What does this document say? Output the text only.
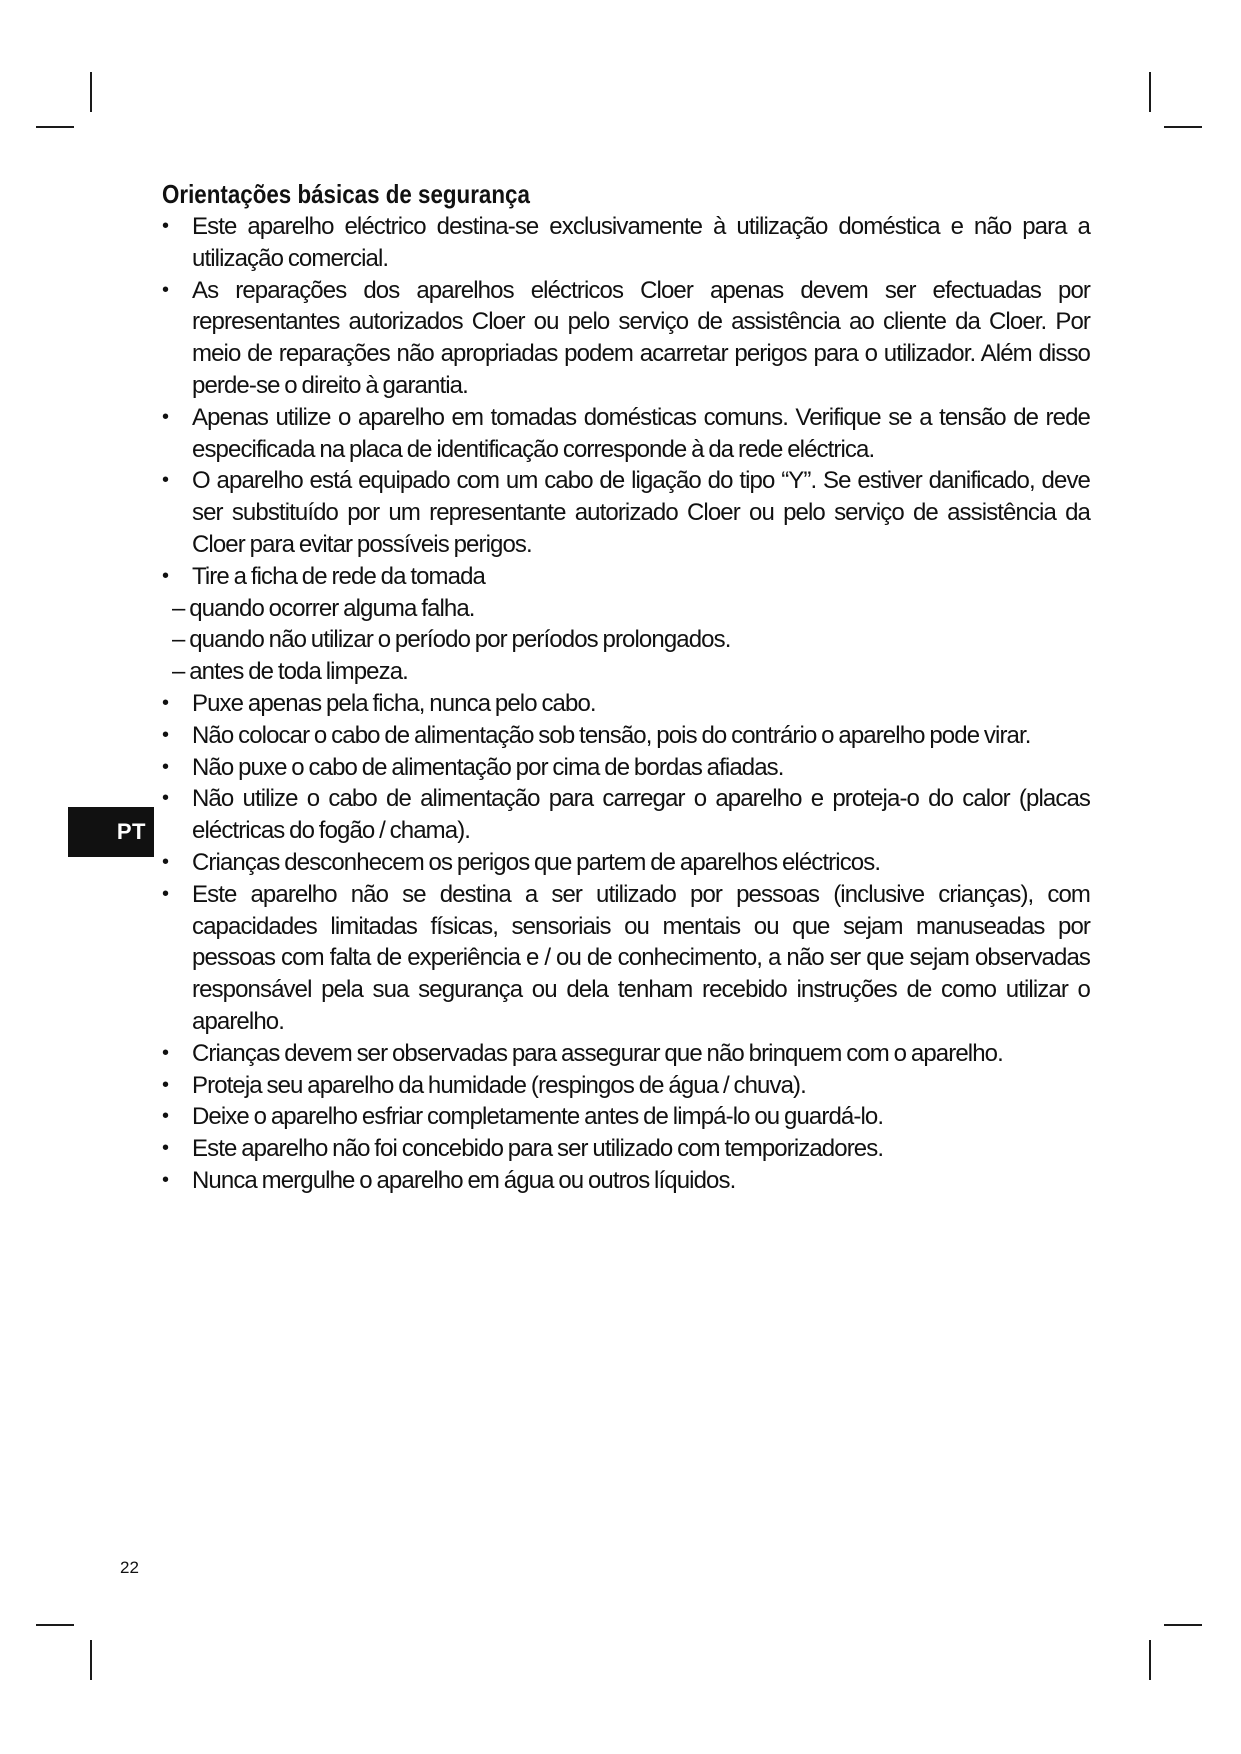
Orientações básicas de segurança
• Este aparelho eléctrico destina-se exclusivamente à utilização doméstica e não para a utilização comercial.
• As reparações dos aparelhos eléctricos Cloer apenas devem ser efectuadas por representantes autorizados Cloer ou pelo serviço de assistência ao cliente da Cloer. Por meio de reparações não apropriadas podem acarretar perigos para o utilizador. Além disso perde-se o direito à garantia.
• Apenas utilize o aparelho em tomadas domésticas comuns. Verifique se a tensão de rede especificada na placa de identificação corresponde à da rede eléctrica.
• O aparelho está equipado com um cabo de ligação do tipo “Y”. Se estiver danificado, deve ser substituído por um representante autorizado Cloer ou pelo serviço de assistência da Cloer para evitar possíveis perigos.
• Tire a ficha de rede da tomada
– quando ocorrer alguma falha.
– quando não utilizar o período por períodos prolongados.
– antes de toda limpeza.
• Puxe apenas pela ficha, nunca pelo cabo.
• Não colocar o cabo de alimentação sob tensão, pois do contrário o aparelho pode virar.
• Não puxe o cabo de alimentação por cima de bordas afiadas.
• Não utilize o cabo de alimentação para carregar o aparelho e proteja-o do calor (placas eléctricas do fogão / chama).
• Crianças desconhecem os perigos que partem de aparelhos eléctricos.
• Este aparelho não se destina a ser utilizado por pessoas (inclusive crianças), com capacidades limitadas físicas, sensoriais ou mentais ou que sejam manuseadas por pessoas com falta de experiência e / ou de conhecimento, a não ser que sejam observadas responsável pela sua segurança ou dela tenham recebido instruções de como utilizar o aparelho.
• Crianças devem ser observadas para assegurar que não brinquem com o aparelho.
• Proteja seu aparelho da humidade (respingos de água / chuva).
• Deixe o aparelho esfriar completamente antes de limpá-lo ou guardá-lo.
• Este aparelho não foi concebido para ser utilizado com temporizadores.
• Nunca mergulhe o aparelho em água ou outros líquidos.
PT
22
